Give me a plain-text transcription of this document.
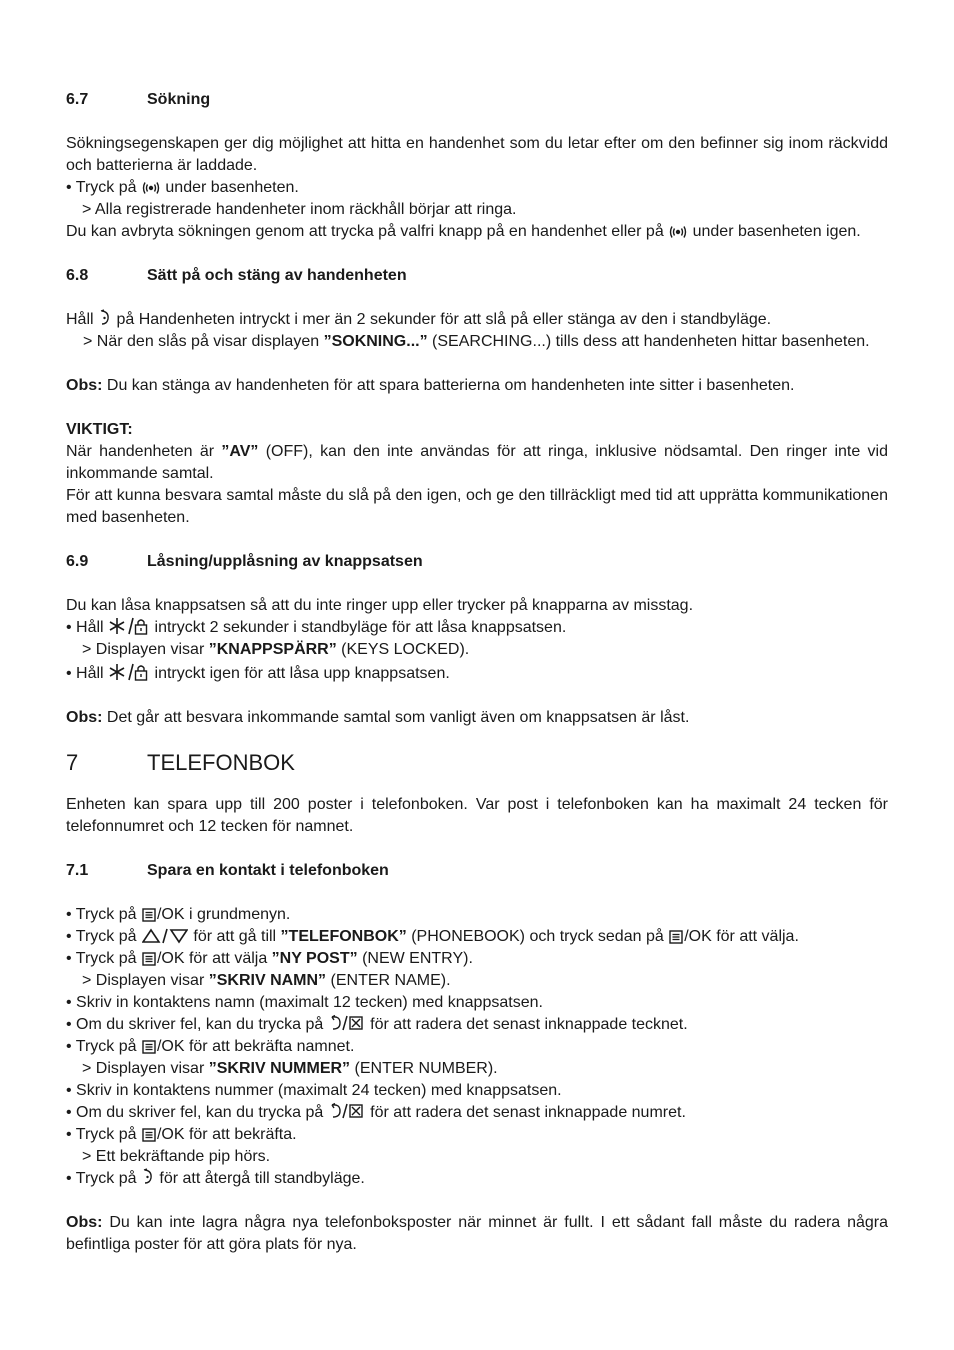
6.7	Sökning

Sökningsegenskapen ger dig möjlighet att hitta en handenhet som du letar efter om den befinner sig inom räckvidd och batterierna är laddade.

• Tryck på
under basenheten.

> Alla registrerade handenheter inom räckhåll börjar att ringa.

Du kan avbryta sökningen genom att trycka på valfri knapp på en handenhet eller på
under basenheten igen.

6.8	Sätt på och stäng av handenheten

Håll
på Handenheten intryckt i mer än 2 sekunder för att slå på eller stänga av den i standbyläge.

> När den slås på visar displayen ”SOKNING...” (SEARCHING...) tills dess att handenheten hittar basenheten.

Obs: Du kan stänga av handenheten för att spara batterierna om handenheten inte sitter i basenheten.

VIKTIGT:

När handenheten är ”AV” (OFF), kan den inte användas för att ringa, inklusive nödsamtal. Den ringer inte vid inkommande samtal.

För att kunna besvara samtal måste du slå på den igen, och ge den tillräckligt med tid att upprätta kommunikationen med basenheten.

6.9	Låsning/upplåsning av knappsatsen

Du kan låsa knappsatsen så att du inte ringer upp eller trycker på knapparna av misstag.

• Håll	intryckt 2 sekunder i standbyläge för att låsa knappsatsen.

> Displayen visar ”KNAPPSPÄRR” (KEYS LOCKED).

• Håll	intryckt igen för att låsa upp knappsatsen.

Obs: Det går att besvara inkommande samtal som vanligt även om knappsatsen är låst.

7	TELEFONBOK

Enheten kan spara upp till 200 poster i telefonboken. Var post i telefonboken kan ha maximalt 24 tecken för telefonnumret och 12 tecken för namnet.

7.1	Spara en kontakt i telefonboken

• Tryck på
/OK i grundmenyn.

• Tryck på	för att gå till ”TELEFONBOK” (PHONEBOOK) och tryck sedan på
/OK för att välja.

• Tryck på
/OK för att välja ”NY POST” (NEW ENTRY).

> Displayen visar ”SKRIV NAMN” (ENTER NAME).

• Skriv in kontaktens namn (maximalt 12 tecken) med knappsatsen.

• Om du skriver fel, kan du trycka på
för att radera det senast inknappade tecknet.

• Tryck på
/OK för att bekräfta namnet.

> Displayen visar ”SKRIV NUMMER” (ENTER NUMBER).

• Skriv in kontaktens nummer (maximalt 24 tecken) med knappsatsen.

• Om du skriver fel, kan du trycka på
för att radera det senast inknappade numret.

• Tryck på
/OK för att bekräfta.

> Ett bekräftande pip hörs.

• Tryck på
för att återgå till standbyläge.

Obs: Du kan inte lagra några nya telefonboksposter när minnet är fullt. I ett sådant fall måste du radera några befintliga poster för att göra plats för nya.
